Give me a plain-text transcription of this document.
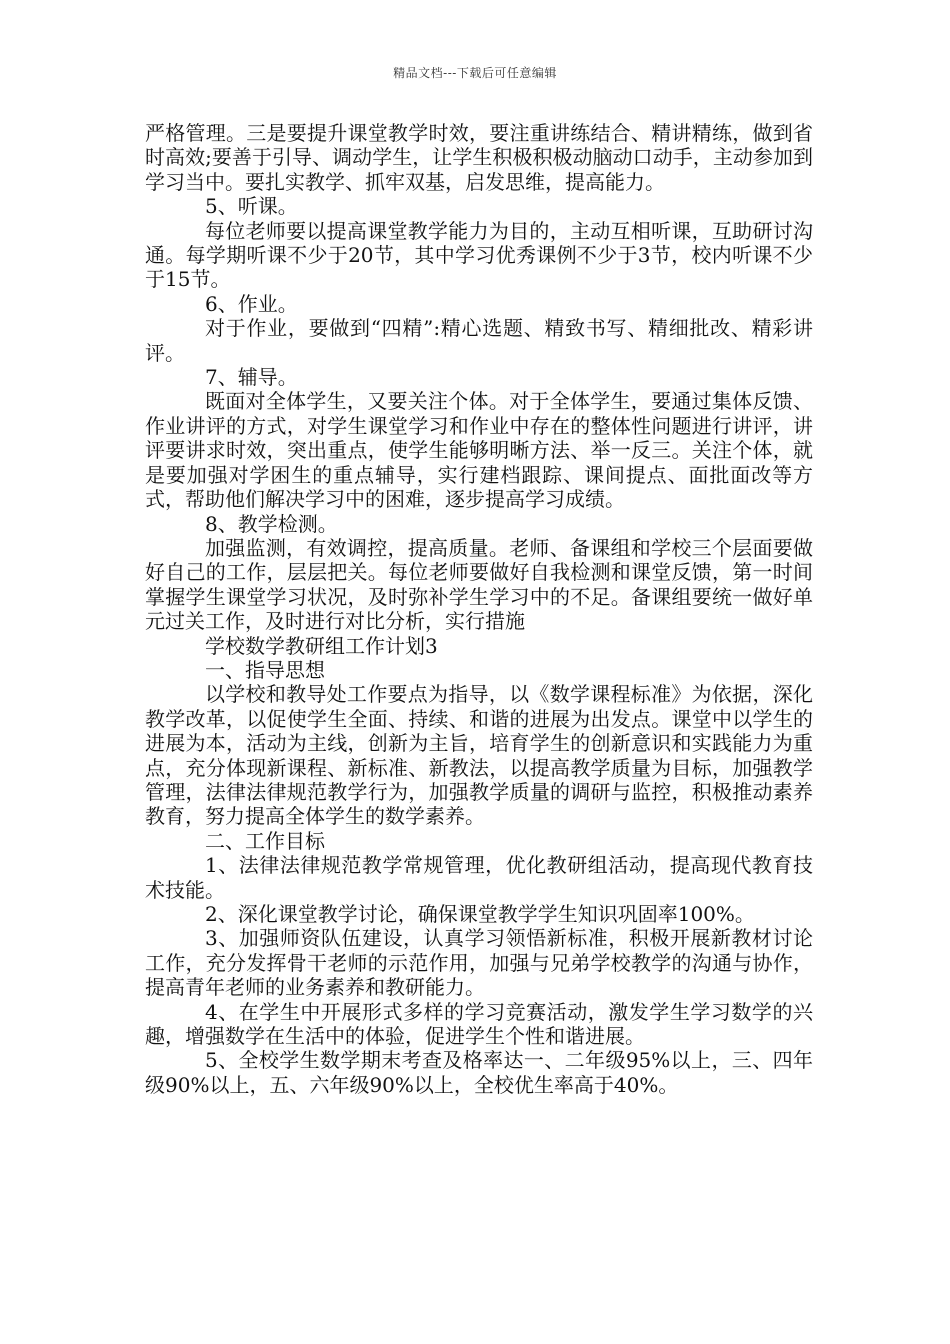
精品文档---下载后可任意编辑

严格管理。三是要提升课堂教学时效，要注重讲练结合、精讲精练，做到省时高效;要善于引导、调动学生，让学生积极积极动脑动口动手，主动参加到学习当中。要扎实教学、抓牢双基，启发思维，提高能力。

5、听课。

每位老师要以提高课堂教学能力为目的，主动互相听课，互助研讨沟通。每学期听课不少于20节，其中学习优秀课例不少于3节，校内听课不少于15节。

6、作业。

对于作业，要做到“四精”:精心选题、精致书写、精细批改、精彩讲评。

7、辅导。

既面对全体学生，又要关注个体。对于全体学生，要通过集体反馈、作业讲评的方式，对学生课堂学习和作业中存在的整体性问题进行讲评，讲评要讲求时效，突出重点，使学生能够明晰方法、举一反三。关注个体，就是要加强对学困生的重点辅导，实行建档跟踪、课间提点、面批面改等方式，帮助他们解决学习中的困难，逐步提高学习成绩。

8、教学检测。

加强监测，有效调控，提高质量。老师、备课组和学校三个层面要做好自己的工作，层层把关。每位老师要做好自我检测和课堂反馈，第一时间掌握学生课堂学习状况，及时弥补学生学习中的不足。备课组要统一做好单元过关工作，及时进行对比分析，实行措施

学校数学教研组工作计划3

一、指导思想

以学校和教导处工作要点为指导，以《数学课程标准》为依据，深化教学改革，以促使学生全面、持续、和谐的进展为出发点。课堂中以学生的进展为本，活动为主线，创新为主旨，培育学生的创新意识和实践能力为重点，充分体现新课程、新标准、新教法，以提高教学质量为目标，加强教学管理，法律法律规范教学行为，加强教学质量的调研与监控，积极推动素养教育，努力提高全体学生的数学素养。

二、工作目标

1、法律法律规范教学常规管理，优化教研组活动，提高现代教育技术技能。

2、深化课堂教学讨论，确保课堂教学学生知识巩固率100%。

3、加强师资队伍建设，认真学习领悟新标准，积极开展新教材讨论工作，充分发挥骨干老师的示范作用，加强与兄弟学校教学的沟通与协作，提高青年老师的业务素养和教研能力。

4、在学生中开展形式多样的学习竞赛活动，激发学生学习数学的兴趣，增强数学在生活中的体验，促进学生个性和谐进展。

5、全校学生数学期末考查及格率达一、二年级95%以上，三、四年级90%以上，五、六年级90%以上，全校优生率高于40%。
